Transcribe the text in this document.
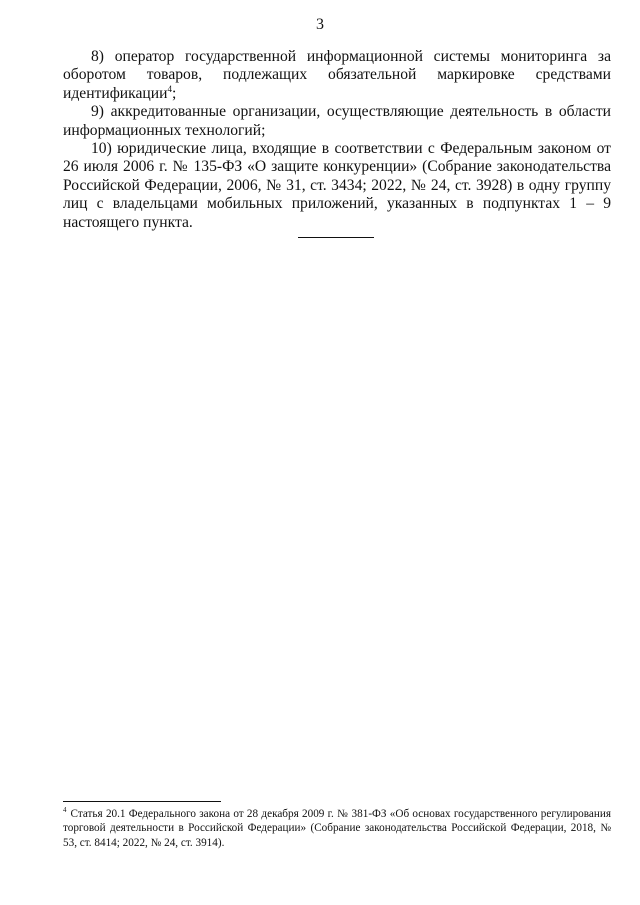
3

8) оператор государственной информационной системы мониторинга за оборотом товаров, подлежащих обязательной маркировке средствами идентификации$^4$;

9) аккредитованные организации, осуществляющие деятельность в области информационных технологий;

10) юридические лица, входящие в соответствии с Федеральным законом от 26 июля 2006 г. № 135-ФЗ «О защите конкуренции» (Собрание законодательства Российской Федерации, 2006, № 31, ст. 3434; 2022, № 24, ст. 3928) в одну группу лиц с владельцами мобильных приложений, указанных в подпунктах 1 – 9 настоящего пункта.

$^4$ Статья 20.1 Федерального закона от 28 декабря 2009 г. № 381-ФЗ «Об основах государственного регулирования торговой деятельности в Российской Федерации» (Собрание законодательства Российской Федерации, 2018, № 53, ст. 8414; 2022, № 24, ст. 3914).
